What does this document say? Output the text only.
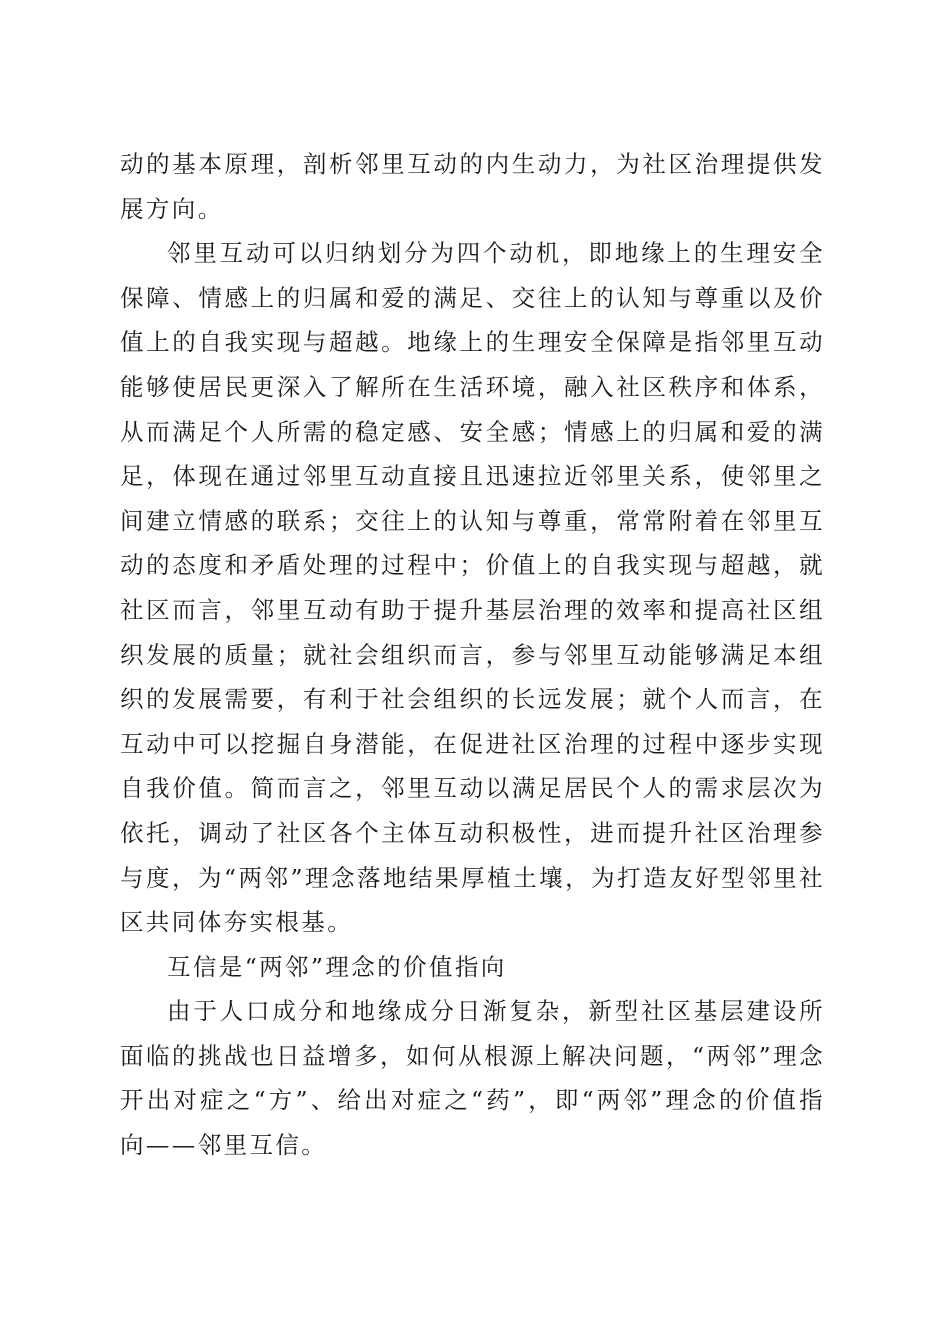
动的基本原理，剖析邻里互动的内生动力，为社区治理提供发展方向。

邻里互动可以归纳划分为四个动机，即地缘上的生理安全保障、情感上的归属和爱的满足、交往上的认知与尊重以及价值上的自我实现与超越。地缘上的生理安全保障是指邻里互动能够使居民更深入了解所在生活环境，融入社区秩序和体系，从而满足个人所需的稳定感、安全感；情感上的归属和爱的满足，体现在通过邻里互动直接且迅速拉近邻里关系，使邻里之间建立情感的联系；交往上的认知与尊重，常常附着在邻里互动的态度和矛盾处理的过程中；价值上的自我实现与超越，就社区而言，邻里互动有助于提升基层治理的效率和提高社区组织发展的质量；就社会组织而言，参与邻里互动能够满足本组织的发展需要，有利于社会组织的长远发展；就个人而言，在互动中可以挖掘自身潜能，在促进社区治理的过程中逐步实现自我价值。简而言之，邻里互动以满足居民个人的需求层次为依托，调动了社区各个主体互动积极性，进而提升社区治理参与度，为“两邻”理念落地结果厚植土壤，为打造友好型邻里社区共同体夯实根基。

互信是“两邻”理念的价值指向

由于人口成分和地缘成分日渐复杂，新型社区基层建设所面临的挑战也日益增多，如何从根源上解决问题，“两邻”理念开出对症之“方”、给出对症之“药”，即“两邻”理念的价值指向——邻里互信。
